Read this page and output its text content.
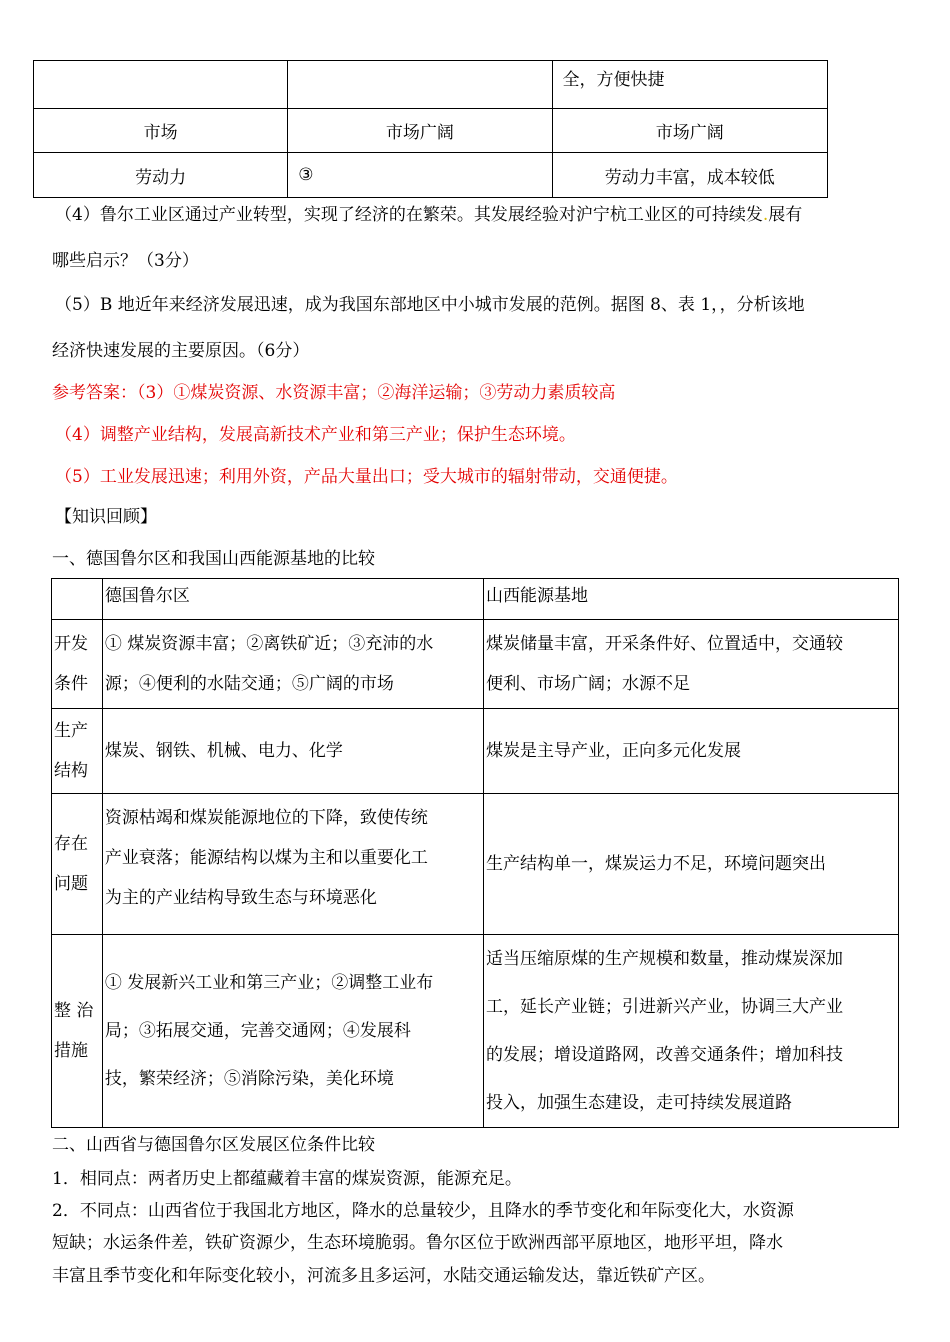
		全，方便快捷
市场	市场广阔	市场广阔
劳动力	③	劳动力丰富，成本较低
（4）鲁尔工业区通过产业转型，实现了经济的在繁荣。其发展经验对沪宁杭工业区的可持续发.展有
哪些启示？（3分）
（5）B 地近年来经济发展迅速，成为我国东部地区中小城市发展的范例。据图 8、表 1，，分析该地
经济快速发展的主要原因。（6分）
参考答案：（3）①煤炭资源、水资源丰富；②海洋运输；③劳动力素质较高
（4）调整产业结构，发展高新技术产业和第三产业；保护生态环境。
（5）工业发展迅速；利用外资，产品大量出口；受大城市的辐射带动，交通便捷。
【知识回顾】
一、德国鲁尔区和我国山西能源基地的比较
	德国鲁尔区	山西能源基地
开发
条件	① 煤炭资源丰富；②离铁矿近；③充沛的水
源；④便利的水陆交通；⑤广阔的市场	煤炭储量丰富，开采条件好、位置适中，交通较
便利、市场广阔；水源不足
生产
结构	煤炭、钢铁、机械、电力、化学	煤炭是主导产业，正向多元化发展
存在
问题	资源枯竭和煤炭能源地位的下降，致使传统
产业衰落；能源结构以煤为主和以重要化工
为主的产业结构导致生态与环境恶化	生产结构单一，煤炭运力不足，环境问题突出
整 治
措施	① 发展新兴工业和第三产业；②调整工业布
局；③拓展交通，完善交通网；④发展科
技，繁荣经济；⑤消除污染，美化环境	适当压缩原煤的生产规模和数量，推动煤炭深加
工，延长产业链；引进新兴产业，协调三大产业
的发展；增设道路网，改善交通条件；增加科技
投入，加强生态建设，走可持续发展道路
二、山西省与德国鲁尔区发展区位条件比较
1．相同点：两者历史上都蕴藏着丰富的煤炭资源，能源充足。
2．不同点：山西省位于我国北方地区，降水的总量较少，且降水的季节变化和年际变化大，水资源
短缺；水运条件差，铁矿资源少，生态环境脆弱。鲁尔区位于欧洲西部平原地区，地形平坦，降水
丰富且季节变化和年际变化较小，河流多且多运河，水陆交通运输发达，靠近铁矿产区。
